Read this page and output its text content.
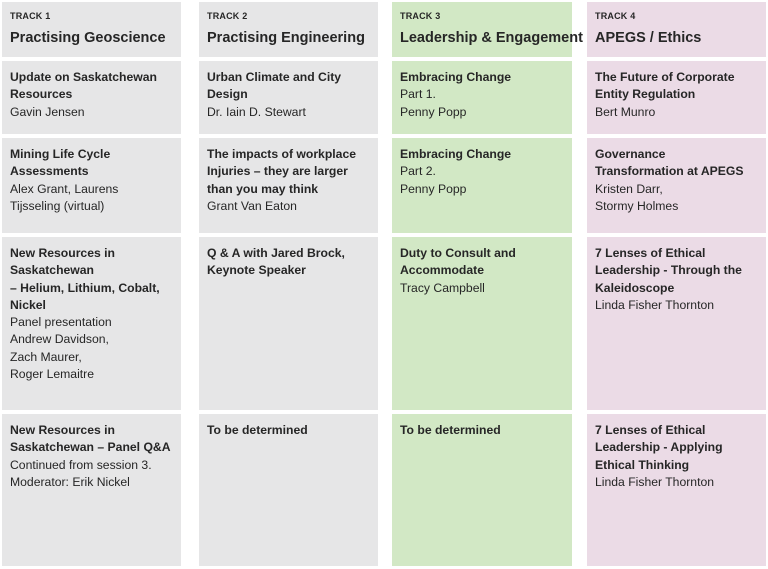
TRACK 1
Practising Geoscience
Update on Saskatchewan
Resources
Gavin Jensen
Mining Life Cycle
Assessments
Alex Grant, Laurens
Tijsseling (virtual)
New Resources in
Saskatchewan
– Helium, Lithium, Cobalt,
Nickel
Panel presentation
Andrew Davidson,
Zach Maurer,
Roger Lemaitre
New Resources in
Saskatchewan – Panel Q&A
Continued from session 3.
Moderator: Erik Nickel
TRACK 2
Practising Engineering
Urban Climate and City
Design
Dr. Iain D. Stewart
The impacts of workplace
Injuries – they are larger
than you may think
Grant Van Eaton
Q & A with Jared Brock,
Keynote Speaker
To be determined
TRACK 3
Leadership & Engagement
Embracing Change
Part 1.
Penny Popp
Embracing Change
Part 2.
Penny Popp
Duty to Consult and
Accommodate
Tracy Campbell
To be determined
TRACK 4
APEGS / Ethics
The Future of Corporate
Entity Regulation
Bert Munro
Governance
Transformation at APEGS
Kristen Darr,
Stormy Holmes
7 Lenses of Ethical
Leadership - Through the
Kaleidoscope
Linda Fisher Thornton
7 Lenses of Ethical
Leadership - Applying
Ethical Thinking
Linda Fisher Thornton
